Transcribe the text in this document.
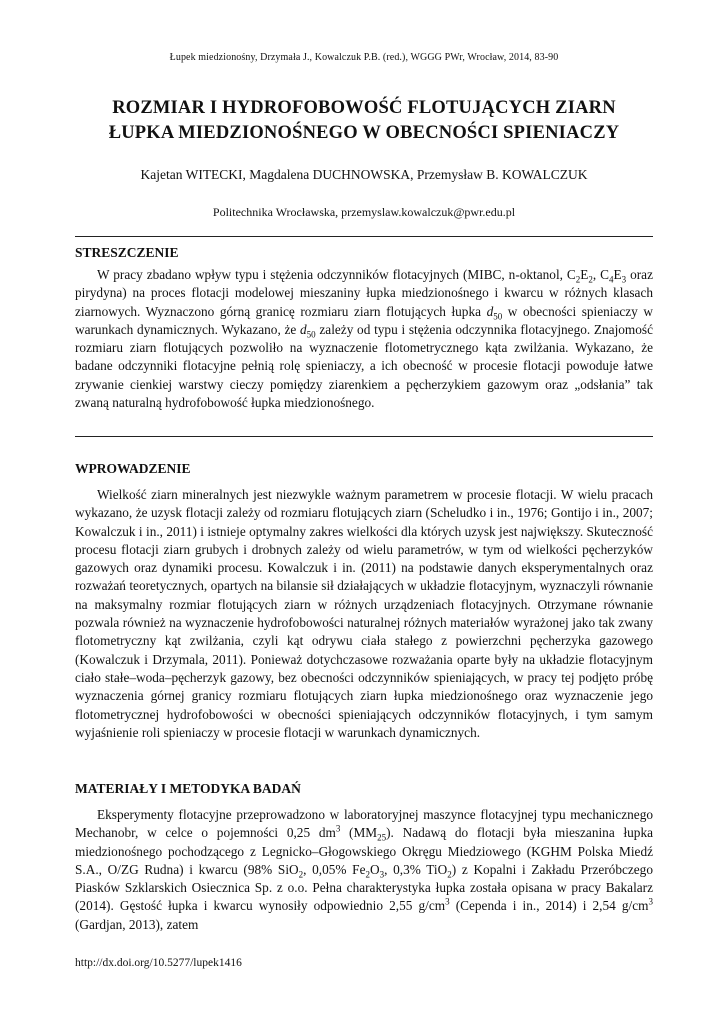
Łupek miedzionośny, Drzymała J., Kowalczuk P.B. (red.), WGGG PWr, Wrocław, 2014, 83-90
ROZMIAR I HYDROFOBOWOŚĆ FLOTUJĄCYCH ZIARN
ŁUPKA MIEDZIONOŚNEGO W OBECNOŚCI SPIENIACZY
Kajetan WITECKI, Magdalena DUCHNOWSKA, Przemysław B. KOWALCZUK
Politechnika Wrocławska, przemyslaw.kowalczuk@pwr.edu.pl
STRESZCZENIE

W pracy zbadano wpływ typu i stężenia odczynników flotacyjnych (MIBC, n-oktanol, $C_2E_2$, $C_4E_3$ oraz pirydyna) na proces flotacji modelowej mieszaniny łupka miedzionośnego i kwarcu w różnych klasach ziarnowych. Wyznaczono górną granicę rozmiaru ziarn flotujących łupka $d_{50}$ w obecności spieniaczy w warunkach dynamicznych. Wykazano, że $d_{50}$ zależy od typu i stężenia odczynnika flotacyjnego. Znajomość rozmiaru ziarn flotujących pozwoliło na wyznaczenie flotometrycznego kąta zwilżania. Wykazano, że badane odczynniki flotacyjne pełnią rolę spieniaczy, a ich obecność w procesie flotacji powoduje łatwe zrywanie cienkiej warstwy cieczy pomiędzy ziarenkiem a pęcherzykiem gazowym oraz „odsłania” tak zwaną naturalną hydrofobowość łupka miedzionośnego.

WPROWADZENIE

Wielkość ziarn mineralnych jest niezwykle ważnym parametrem w procesie flotacji. W wielu pracach wykazano, że uzysk flotacji zależy od rozmiaru flotujących ziarn (Scheludko i in., 1976; Gontijo i in., 2007; Kowalczuk i in., 2011) i istnieje optymalny zakres wielkości dla których uzysk jest największy. Skuteczność procesu flotacji ziarn grubych i drobnych zależy od wielu parametrów, w tym od wielkości pęcherzyków gazowych oraz dynamiki procesu. Kowalczuk i in. (2011) na podstawie danych eksperymentalnych oraz rozważań teoretycznych, opartych na bilansie sił działających w układzie flotacyjnym, wyznaczyli równanie na maksymalny rozmiar flotujących ziarn w różnych urządzeniach flotacyjnych. Otrzymane równanie pozwala również na wyznaczenie hydrofobowości naturalnej różnych materiałów wyrażonej jako tak zwany flotometryczny kąt zwilżania, czyli kąt odrywu ciała stałego z powierzchni pęcherzyka gazowego (Kowalczuk i Drzymala, 2011). Ponieważ dotychczasowe rozważania oparte były na układzie flotacyjnym ciało stałe–woda–pęcherzyk gazowy, bez obecności odczynników spieniających, w pracy tej podjęto próbę wyznaczenia górnej granicy rozmiaru flotujących ziarn łupka miedzionośnego oraz wyznaczenie jego flotometrycznej hydrofobowości w obecności spieniających odczynników flotacyjnych, i tym samym wyjaśnienie roli spieniaczy w procesie flotacji w warunkach dynamicznych.

MATERIAŁY I METODYKA BADAŃ

Eksperymenty flotacyjne przeprowadzono w laboratoryjnej maszynce flotacyjnej typu mechanicznego Mechanobr, w celce o pojemności 0,25 $dm^3$ $(MM_{25})$. Nadawą do flotacji była mieszanina łupka miedzionośnego pochodzącego z Legnicko–Głogowskiego Okręgu Miedziowego (KGHM Polska Miedź S.A., O/ZG Rudna) i kwarcu (98% SiO$_2$, 0,05% $Fe_2O_3$, 0,3% TiO$_2$) z Kopalni i Zakładu Przeróbczego Piasków Szklarskich Osiecznica Sp. z o.o. Pełna charakterystyka łupka została opisana w pracy Bakalarz (2014). Gęstość łupka i kwarcu wynosiły odpowiednio 2,55 $g/cm^3$ (Cependa i in., 2014) i 2,54 $g/cm^3$ (Gardjan, 2013), zatem

http://dx.doi.org/10.5277/lupek1416
